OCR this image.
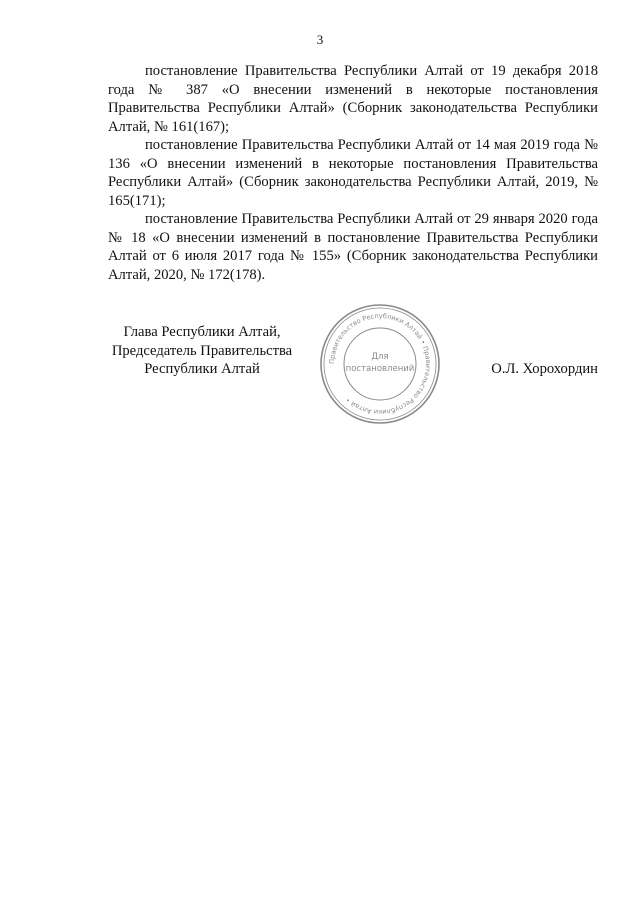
3

постановление Правительства Республики Алтай от 19 декабря 2018 года № 387 «О внесении изменений в некоторые постановления Правительства Республики Алтай» (Сборник законодательства Республики Алтай, № 161(167);

постановление Правительства Республики Алтай от 14 мая 2019 года № 136 «О внесении изменений в некоторые постановления Правительства Республики Алтай» (Сборник законодательства Республики Алтай, 2019, № 165(171);

постановление Правительства Республики Алтай от 29 января 2020 года № 18 «О внесении изменений в постановление Правительства Республики Алтай от 6 июля 2017 года № 155» (Сборник законодательства Республики Алтай, 2020, № 172(178).

Глава Республики Алтай,
Председатель Правительства
Республики Алтай	Правительство Республики Алтай • Правительство Республики Алтай •
Для
постановлений	О.Л. Хорохордин
